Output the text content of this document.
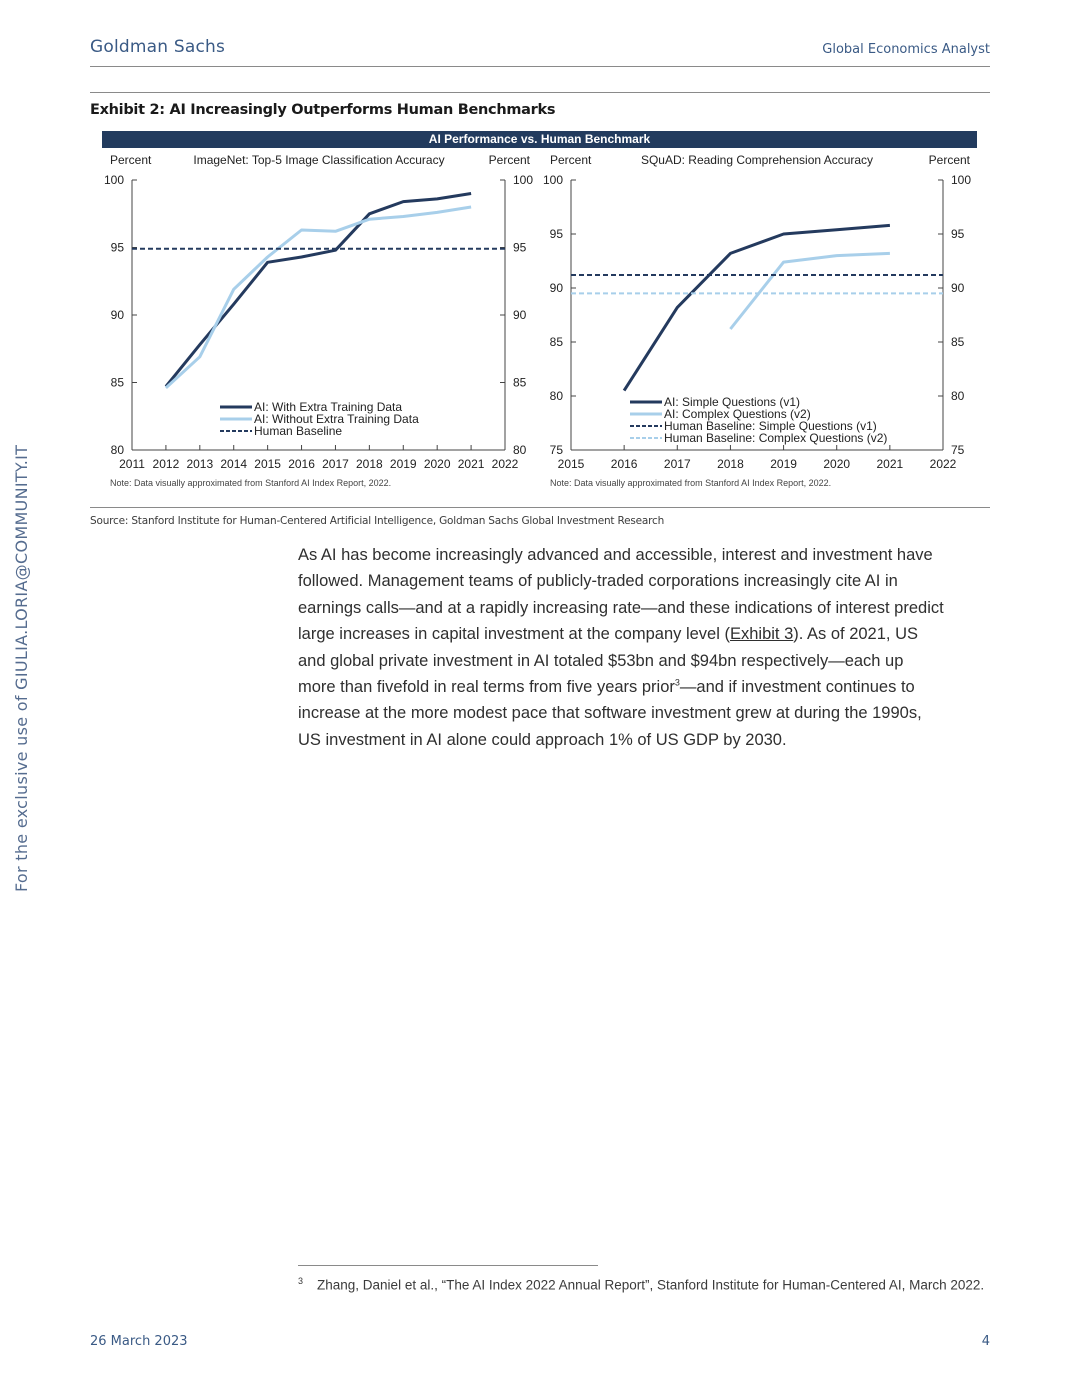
Goldman Sachs	Global Economics Analyst
Exhibit 2: AI Increasingly Outperforms Human Benchmarks
AI Performance vs. Human Benchmark
Percent	ImageNet: Top-5 Image Classification Accuracy	Percent
80	80
85	85
90	90
95	95
100	100
2011 2012 2013 2014 2015 2016 2017 2018 2019 2020 2021 2022
AI: With Extra Training Data
AI: Without Extra Training Data
Human Baseline
Note: Data visually approximated from Stanford AI Index Report, 2022.
Percent	SQuAD: Reading Comprehension Accuracy	Percent
75	75
80	80
85	85
90	90
95	95
100	100
2015 2016 2017 2018 2019 2020 2021 2022
AI: Simple Questions (v1)
AI: Complex Questions (v2)
Human Baseline: Simple Questions (v1)
Human Baseline: Complex Questions (v2)
Note: Data visually approximated from Stanford AI Index Report, 2022.
Source: Stanford Institute for Human-Centered Artificial Intelligence, Goldman Sachs Global Investment Research
As AI has become increasingly advanced and accessible, interest and investment have
followed. Management teams of publicly-traded corporations increasingly cite AI in
earnings calls—and at a rapidly increasing rate—and these indications of interest predict
large increases in capital investment at the company level (Exhibit 3). As of 2021, US
and global private investment in AI totaled $53bn and $94bn respectively—each up
more than fivefold in real terms from five years prior$^3$—and if investment continues to
increase at the more modest pace that software investment grew at during the 1990s,
US investment in AI alone could approach 1% of US GDP by 2030.
$^3$ Zhang, Daniel et al., “The AI Index 2022 Annual Report”, Stanford Institute for Human-Centered AI, March 2022.
26 March 2023	4
For the exclusive use of GIULIA.LORIA@COMMUNITY.IT
